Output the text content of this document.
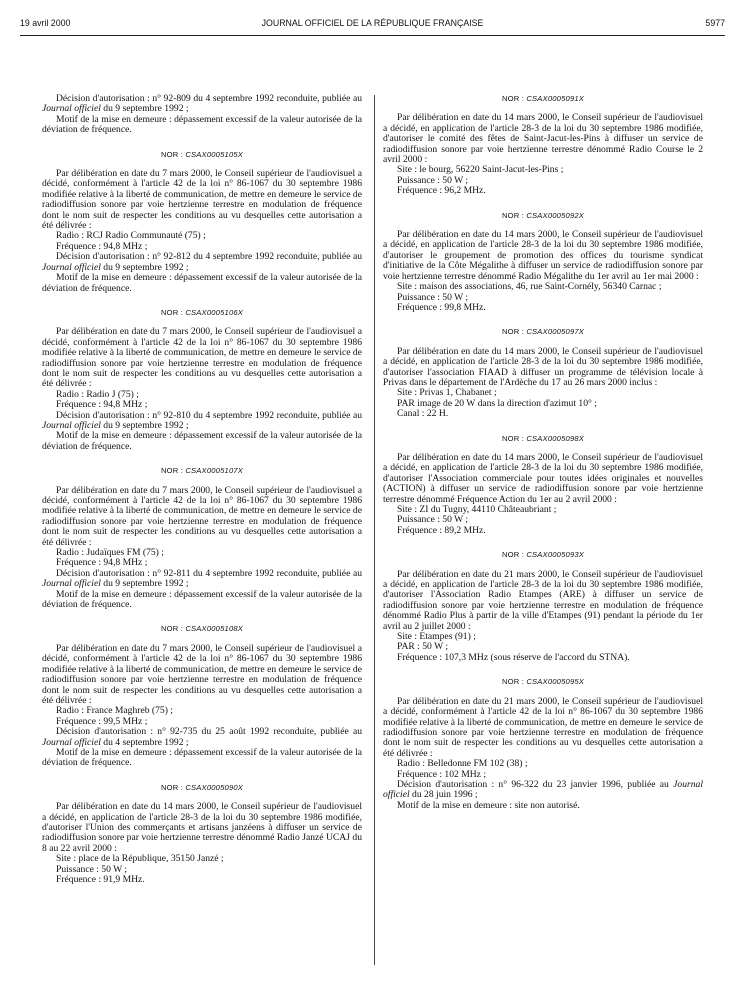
19 avril 2000	JOURNAL OFFICIEL DE LA RÉPUBLIQUE FRANÇAISE	5977

Décision d'autorisation : n° 92-809 du 4 septembre 1992 reconduite, publiée au Journal officiel du 9 septembre 1992 ;

Motif de la mise en demeure : dépassement excessif de la valeur autorisée de la déviation de fréquence.

NOR : CSAX0005105X

Par délibération en date du 7 mars 2000, le Conseil supérieur de l'audiovisuel a décidé, conformément à l'article 42 de la loi n° 86-1067 du 30 septembre 1986 modifiée relative à la liberté de communication, de mettre en demeure le service de radiodiffusion sonore par voie hertzienne terrestre en modulation de fréquence dont le nom suit de respecter les conditions au vu desquelles cette autorisation a été délivrée :

Radio : RCJ Radio Communauté (75) ;

Fréquence : 94,8 MHz ;

Décision d'autorisation : n° 92-812 du 4 septembre 1992 reconduite, publiée au Journal officiel du 9 septembre 1992 ;

Motif de la mise en demeure : dépassement excessif de la valeur autorisée de la déviation de fréquence.

NOR : CSAX0005106X

Par délibération en date du 7 mars 2000, le Conseil supérieur de l'audiovisuel a décidé, conformément à l'article 42 de la loi n° 86-1067 du 30 septembre 1986 modifiée relative à la liberté de communication, de mettre en demeure le service de radiodiffusion sonore par voie hertzienne terrestre en modulation de fréquence dont le nom suit de respecter les conditions au vu desquelles cette autorisation a été délivrée :

Radio : Radio J (75) ;

Fréquence : 94,8 MHz ;

Décision d'autorisation : n° 92-810 du 4 septembre 1992 reconduite, publiée au Journal officiel du 9 septembre 1992 ;

Motif de la mise en demeure : dépassement excessif de la valeur autorisée de la déviation de fréquence.

NOR : CSAX0005107X

Par délibération en date du 7 mars 2000, le Conseil supérieur de l'audiovisuel a décidé, conformément à l'article 42 de la loi n° 86-1067 du 30 septembre 1986 modifiée relative à la liberté de communication, de mettre en demeure le service de radiodiffusion sonore par voie hertzienne terrestre en modulation de fréquence dont le nom suit de respecter les conditions au vu desquelles cette autorisation a été délivrée :

Radio : Judaïques FM (75) ;

Fréquence : 94,8 MHz ;

Décision d'autorisation : n° 92-811 du 4 septembre 1992 reconduite, publiée au Journal officiel du 9 septembre 1992 ;

Motif de la mise en demeure : dépassement excessif de la valeur autorisée de la déviation de fréquence.

NOR : CSAX0005108X

Par délibération en date du 7 mars 2000, le Conseil supérieur de l'audiovisuel a décidé, conformément à l'article 42 de la loi n° 86-1067 du 30 septembre 1986 modifiée relative à la liberté de communication, de mettre en demeure le service de radiodiffusion sonore par voie hertzienne terrestre en modulation de fréquence dont le nom suit de respecter les conditions au vu desquelles cette autorisation a été délivrée :

Radio : France Maghreb (75) ;

Fréquence : 99,5 MHz ;

Décision d'autorisation : n° 92-735 du 25 août 1992 reconduite, publiée au Journal officiel du 4 septembre 1992 ;

Motif de la mise en demeure : dépassement excessif de la valeur autorisée de la déviation de fréquence.

NOR : CSAX0005090X

Par délibération en date du 14 mars 2000, le Conseil supérieur de l'audiovisuel a décidé, en application de l'article 28-3 de la loi du 30 septembre 1986 modifiée, d'autoriser l'Union des commerçants et artisans janzéens à diffuser un service de radiodiffusion sonore par voie hertzienne terrestre dénommé Radio Janzé UCAJ du 8 au 22 avril 2000 :

Site : place de la République, 35150 Janzé ;

Puissance : 50 W ;

Fréquence : 91,9 MHz.

NOR : CSAX0005091X

Par délibération en date du 14 mars 2000, le Conseil supérieur de l'audiovisuel a décidé, en application de l'article 28-3 de la loi du 30 septembre 1986 modifiée, d'autoriser le comité des fêtes de Saint-Jacut-les-Pins à diffuser un service de radiodiffusion sonore par voie hertzienne terrestre dénommé Radio Course le 2 avril 2000 :

Site : le bourg, 56220 Saint-Jacut-les-Pins ;

Puissance : 50 W ;

Fréquence : 96,2 MHz.

NOR : CSAX0005092X

Par délibération en date du 14 mars 2000, le Conseil supérieur de l'audiovisuel a décidé, en application de l'article 28-3 de la loi du 30 septembre 1986 modifiée, d'autoriser le groupement de promotion des offices du tourisme syndicat d'initiative de la Côte Mégalithe à diffuser un service de radiodiffusion sonore par voie hertzienne terrestre dénommé Radio Mégalithe du 1er avril au 1er mai 2000 :

Site : maison des associations, 46, rue Saint-Cornély, 56340 Carnac ;

Puissance : 50 W ;

Fréquence : 99,8 MHz.

NOR : CSAX0005097X

Par délibération en date du 14 mars 2000, le Conseil supérieur de l'audiovisuel a décidé, en application de l'article 28-3 de la loi du 30 septembre 1986 modifiée, d'autoriser l'association FIAAD à diffuser un programme de télévision locale à Privas dans le département de l'Ardèche du 17 au 26 mars 2000 inclus :

Site : Privas 1, Chabanet ;

PAR image de 20 W dans la direction d'azimut 10° ;

Canal : 22 H.

NOR : CSAX0005098X

Par délibération en date du 14 mars 2000, le Conseil supérieur de l'audiovisuel a décidé, en application de l'article 28-3 de la loi du 30 septembre 1986 modifiée, d'autoriser l'Association commerciale pour toutes idées originales et nouvelles (ACTION) à diffuser un service de radiodiffusion sonore par voie hertzienne terrestre dénommé Fréquence Action du 1er au 2 avril 2000 :

Site : ZI du Tugny, 44110 Châteaubriant ;

Puissance : 50 W ;

Fréquence : 89,2 MHz.

NOR : CSAX0005093X

Par délibération en date du 21 mars 2000, le Conseil supérieur de l'audiovisuel a décidé, en application de l'article 28-3 de la loi du 30 septembre 1986 modifiée, d'autoriser l'Association Radio Etampes (ARE) à diffuser un service de radiodiffusion sonore par voie hertzienne terrestre en modulation de fréquence dénommé Radio Plus à partir de la ville d'Etampes (91) pendant la période du 1er avril au 2 juillet 2000 :

Site : Etampes (91) ;

PAR : 50 W ;

Fréquence : 107,3 MHz (sous réserve de l'accord du STNA).

NOR : CSAX0005095X

Par délibération en date du 21 mars 2000, le Conseil supérieur de l'audiovisuel a décidé, conformément à l'article 42 de la loi n° 86-1067 du 30 septembre 1986 modifiée relative à la liberté de communication, de mettre en demeure le service de radiodiffusion sonore par voie hertzienne terrestre en modulation de fréquence dont le nom suit de respecter les conditions au vu desquelles cette autorisation a été délivrée :

Radio : Belledonne FM 102 (38) ;

Fréquence : 102 MHz ;

Décision d'autorisation : n° 96-322 du 23 janvier 1996, publiée au Journal officiel du 28 juin 1996 ;

Motif de la mise en demeure : site non autorisé.
